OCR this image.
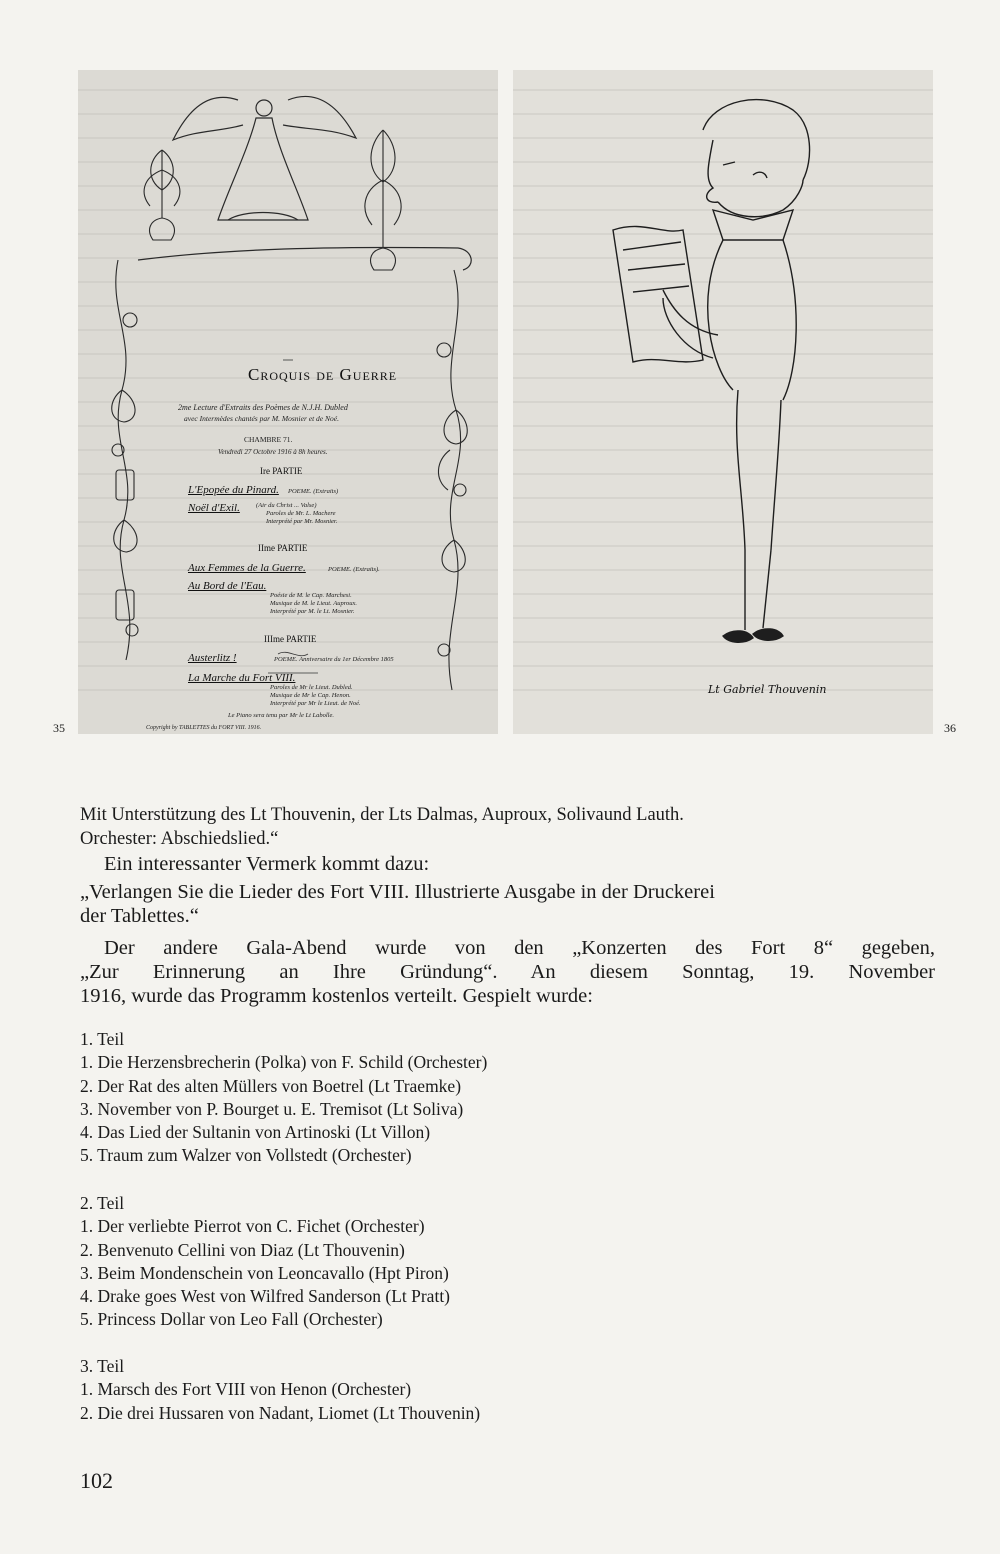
Croquis de Guerre
2me Lecture d'Extraits des Poèmes de N.J.H. Dubled
avec Intermèdes chantés par M. Mosnier et de Noé.
CHAMBRE 71.
Vendredi 27 Octobre 1916 à 8h heures.
Ire PARTIE
L'Epopée du Pinard. POEME. (Extraits)
Noël d'Exil. (Air du Christ ... Valse)
Paroles de Mr. L. Machere
Interprété par Mr. Mosnier.
IIme PARTIE
Aux Femmes de la Guerre.	POEME. (Extraits).
Au Bord de l'Eau.
Poésie de M. le Cap. Marchesi.
Musique de M. le Lieut. Auproux.
Interprété par M. le Lt. Mosnier.
IIIme PARTIE
Austerlitz !	POEME. Anniversaire du 1er Décembre 1805
La Marche du Fort VIII.
Paroles de Mr le Lieut. Dubled.
Musique de Mr le Cap. Henon.
Interprété par Mr le Lieut. de Noé.
Le Piano sera tenu par Mr le Lt Labolle.
Copyright by TABLETTES du FORT VIII. 1916.
35	36
Lt Gabriel Thouvenin
Mit Unterstützung des Lt Thouvenin, der Lts Dalmas, Auproux, Solivaund Lauth.
Orchester: Abschiedslied.“
Ein interessanter Vermerk kommt dazu:
„Verlangen Sie die Lieder des Fort VIII. Illustrierte Ausgabe in der Druckerei
der Tablettes.“
Der andere Gala-Abend wurde von den „Konzerten des Fort 8“ gegeben,
„Zur Erinnerung an Ihre Gründung“. An diesem Sonntag, 19. November
1916, wurde das Programm kostenlos verteilt. Gespielt wurde:
1. Teil
1. Die Herzensbrecherin (Polka) von F. Schild (Orchester)
2. Der Rat des alten Müllers von Boetrel (Lt Traemke)
3. November von P. Bourget u. E. Tremisot (Lt Soliva)
4. Das Lied der Sultanin von Artinoski (Lt Villon)
5. Traum zum Walzer von Vollstedt (Orchester)
2. Teil
1. Der verliebte Pierrot von C. Fichet (Orchester)
2. Benvenuto Cellini von Diaz (Lt Thouvenin)
3. Beim Mondenschein von Leoncavallo (Hpt Piron)
4. Drake goes West von Wilfred Sanderson (Lt Pratt)
5. Princess Dollar von Leo Fall (Orchester)
3. Teil
1. Marsch des Fort VIII von Henon (Orchester)
2. Die drei Hussaren von Nadant, Liomet (Lt Thouvenin)
102
